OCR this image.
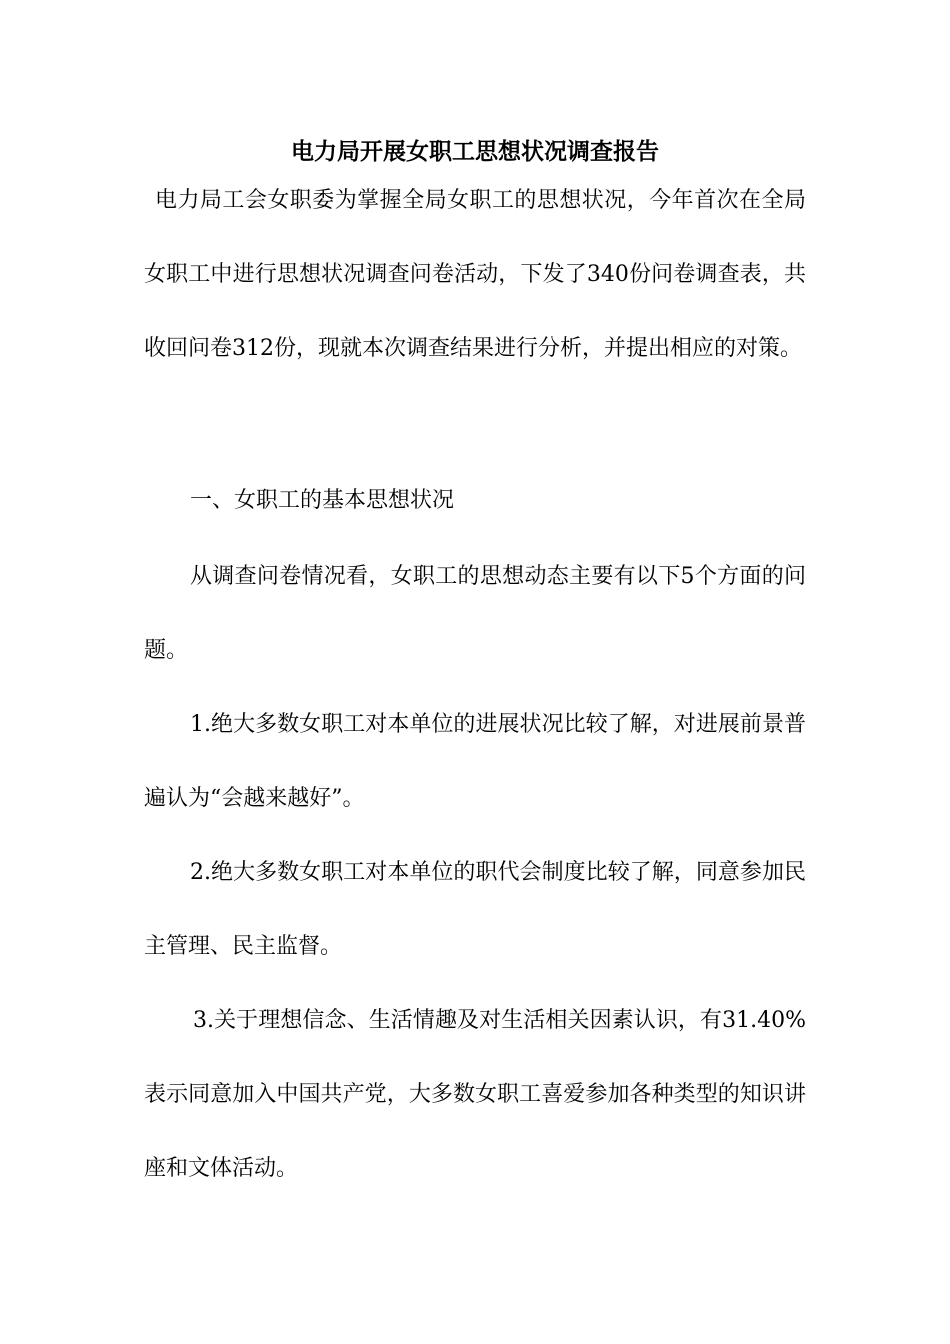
电力局开展女职工思想状况调查报告
电力局工会女职委为掌握全局女职工的思想状况，今年首次在全局女职工中进行思想状况调查问卷活动，下发了340份问卷调查表，共收回问卷312份，现就本次调查结果进行分析，并提出相应的对策。
一、女职工的基本思想状况
从调查问卷情况看，女职工的思想动态主要有以下5个方面的问题。
1.绝大多数女职工对本单位的进展状况比较了解，对进展前景普遍认为“会越来越好”。
2.绝大多数女职工对本单位的职代会制度比较了解，同意参加民主管理、民主监督。
3.关于理想信念、生活情趣及对生活相关因素认识，有31.40%表示同意加入中国共产党，大多数女职工喜爱参加各种类型的知识讲座和文体活动。
